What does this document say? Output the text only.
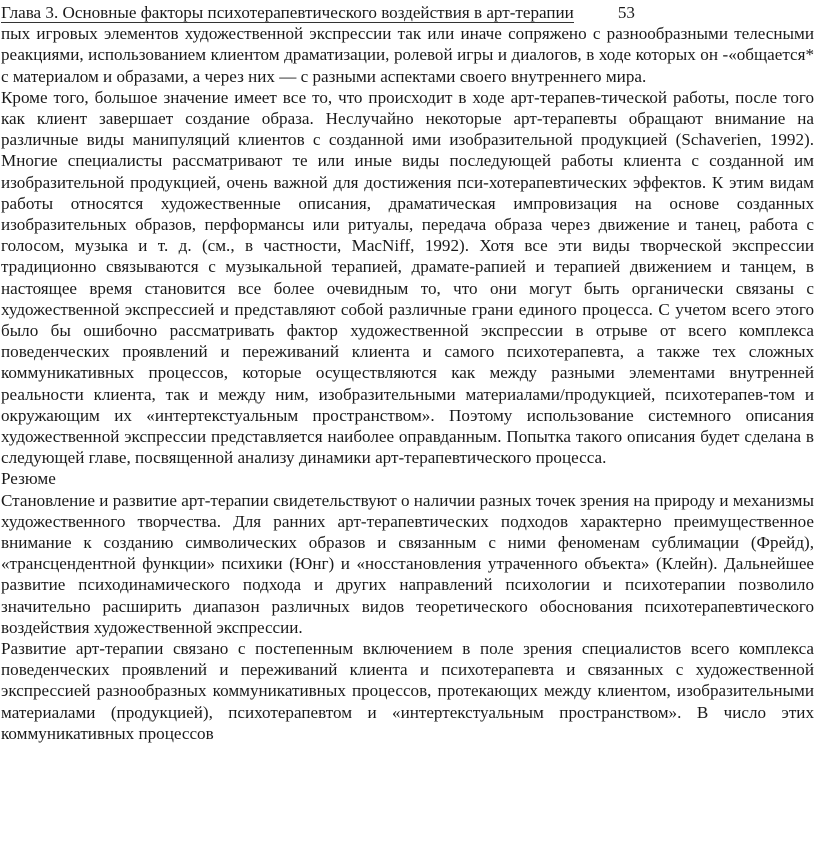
Глава 3. Основные факторы психотерапевтического воздействия в арт-терапии	53

пых игровых элементов художественной экспрессии так или иначе сопряжено с разнообразными телесными реакциями, использованием клиентом драматизации, ролевой игры и диалогов, в ходе которых он -«общается* с материалом и образами, а через них — с разными аспектами своего внутреннего мира.

Кроме того, большое значение имеет все то, что происходит в ходе арт-терапев-тической работы, после того как клиент завершает создание образа. Неслучайно некоторые арт-терапевты обращают внимание на различные виды манипуляций клиентов с созданной ими изобразительной продукцией (Schaverien, 1992). Многие специалисты рассматривают те или иные виды последующей работы клиента с созданной им изобразительной продукцией, очень важной для достижения пси-хотерапевтических эффектов. К этим видам работы относятся художественные описания, драматическая импровизация на основе созданных изобразительных образов, перформансы или ритуалы, передача образа через движение и танец, работа с голосом, музыка и т. д. (см., в частности, MacNiff, 1992). Хотя все эти виды творческой экспрессии традиционно связываются с музыкальной терапией, драмате-рапией и терапией движением и танцем, в настоящее время становится все более очевидным то, что они могут быть органически связаны с художественной экспрессией и представляют собой различные грани единого процесса. С учетом всего этого было бы ошибочно рассматривать фактор художественной экспрессии в отрыве от всего комплекса поведенческих проявлений и переживаний клиента и самого психотерапевта, а также тех сложных коммуникативных процессов, которые осуществляются как между разными элементами внутренней реальности клиента, так и между ним, изобразительными материалами/продукцией, психотерапев-том и окружающим их «интертекстуальным пространством». Поэтому использование системного описания художественной экспрессии представляется наиболее оправданным. Попытка такого описания будет сделана в следующей главе, посвященной анализу динамики арт-терапевтического процесса.

Резюме

Становление и развитие арт-терапии свидетельствуют о наличии разных точек зрения на природу и механизмы художественного творчества. Для ранних арт-терапевтических подходов характерно преимущественное внимание к созданию символических образов и связанным с ними феноменам сублимации (Фрейд), «трансцендентной функции» психики (Юнг) и «носстановления утраченного объекта» (Клейн). Дальнейшее развитие психодинамического подхода и других направлений психологии и психотерапии позволило значительно расширить диапазон различных видов теоретического обоснования психотерапевтического воздействия художественной экспрессии.

Развитие арт-терапии связано с постепенным включением в поле зрения специалистов всего комплекса поведенческих проявлений и переживаний клиента и психотерапевта и связанных с художественной экспрессией разнообразных коммуникативных процессов, протекающих между клиентом, изобразительными материалами (продукцией), психотерапевтом и «интертекстуальным пространством». В число этих коммуникативных процессов
